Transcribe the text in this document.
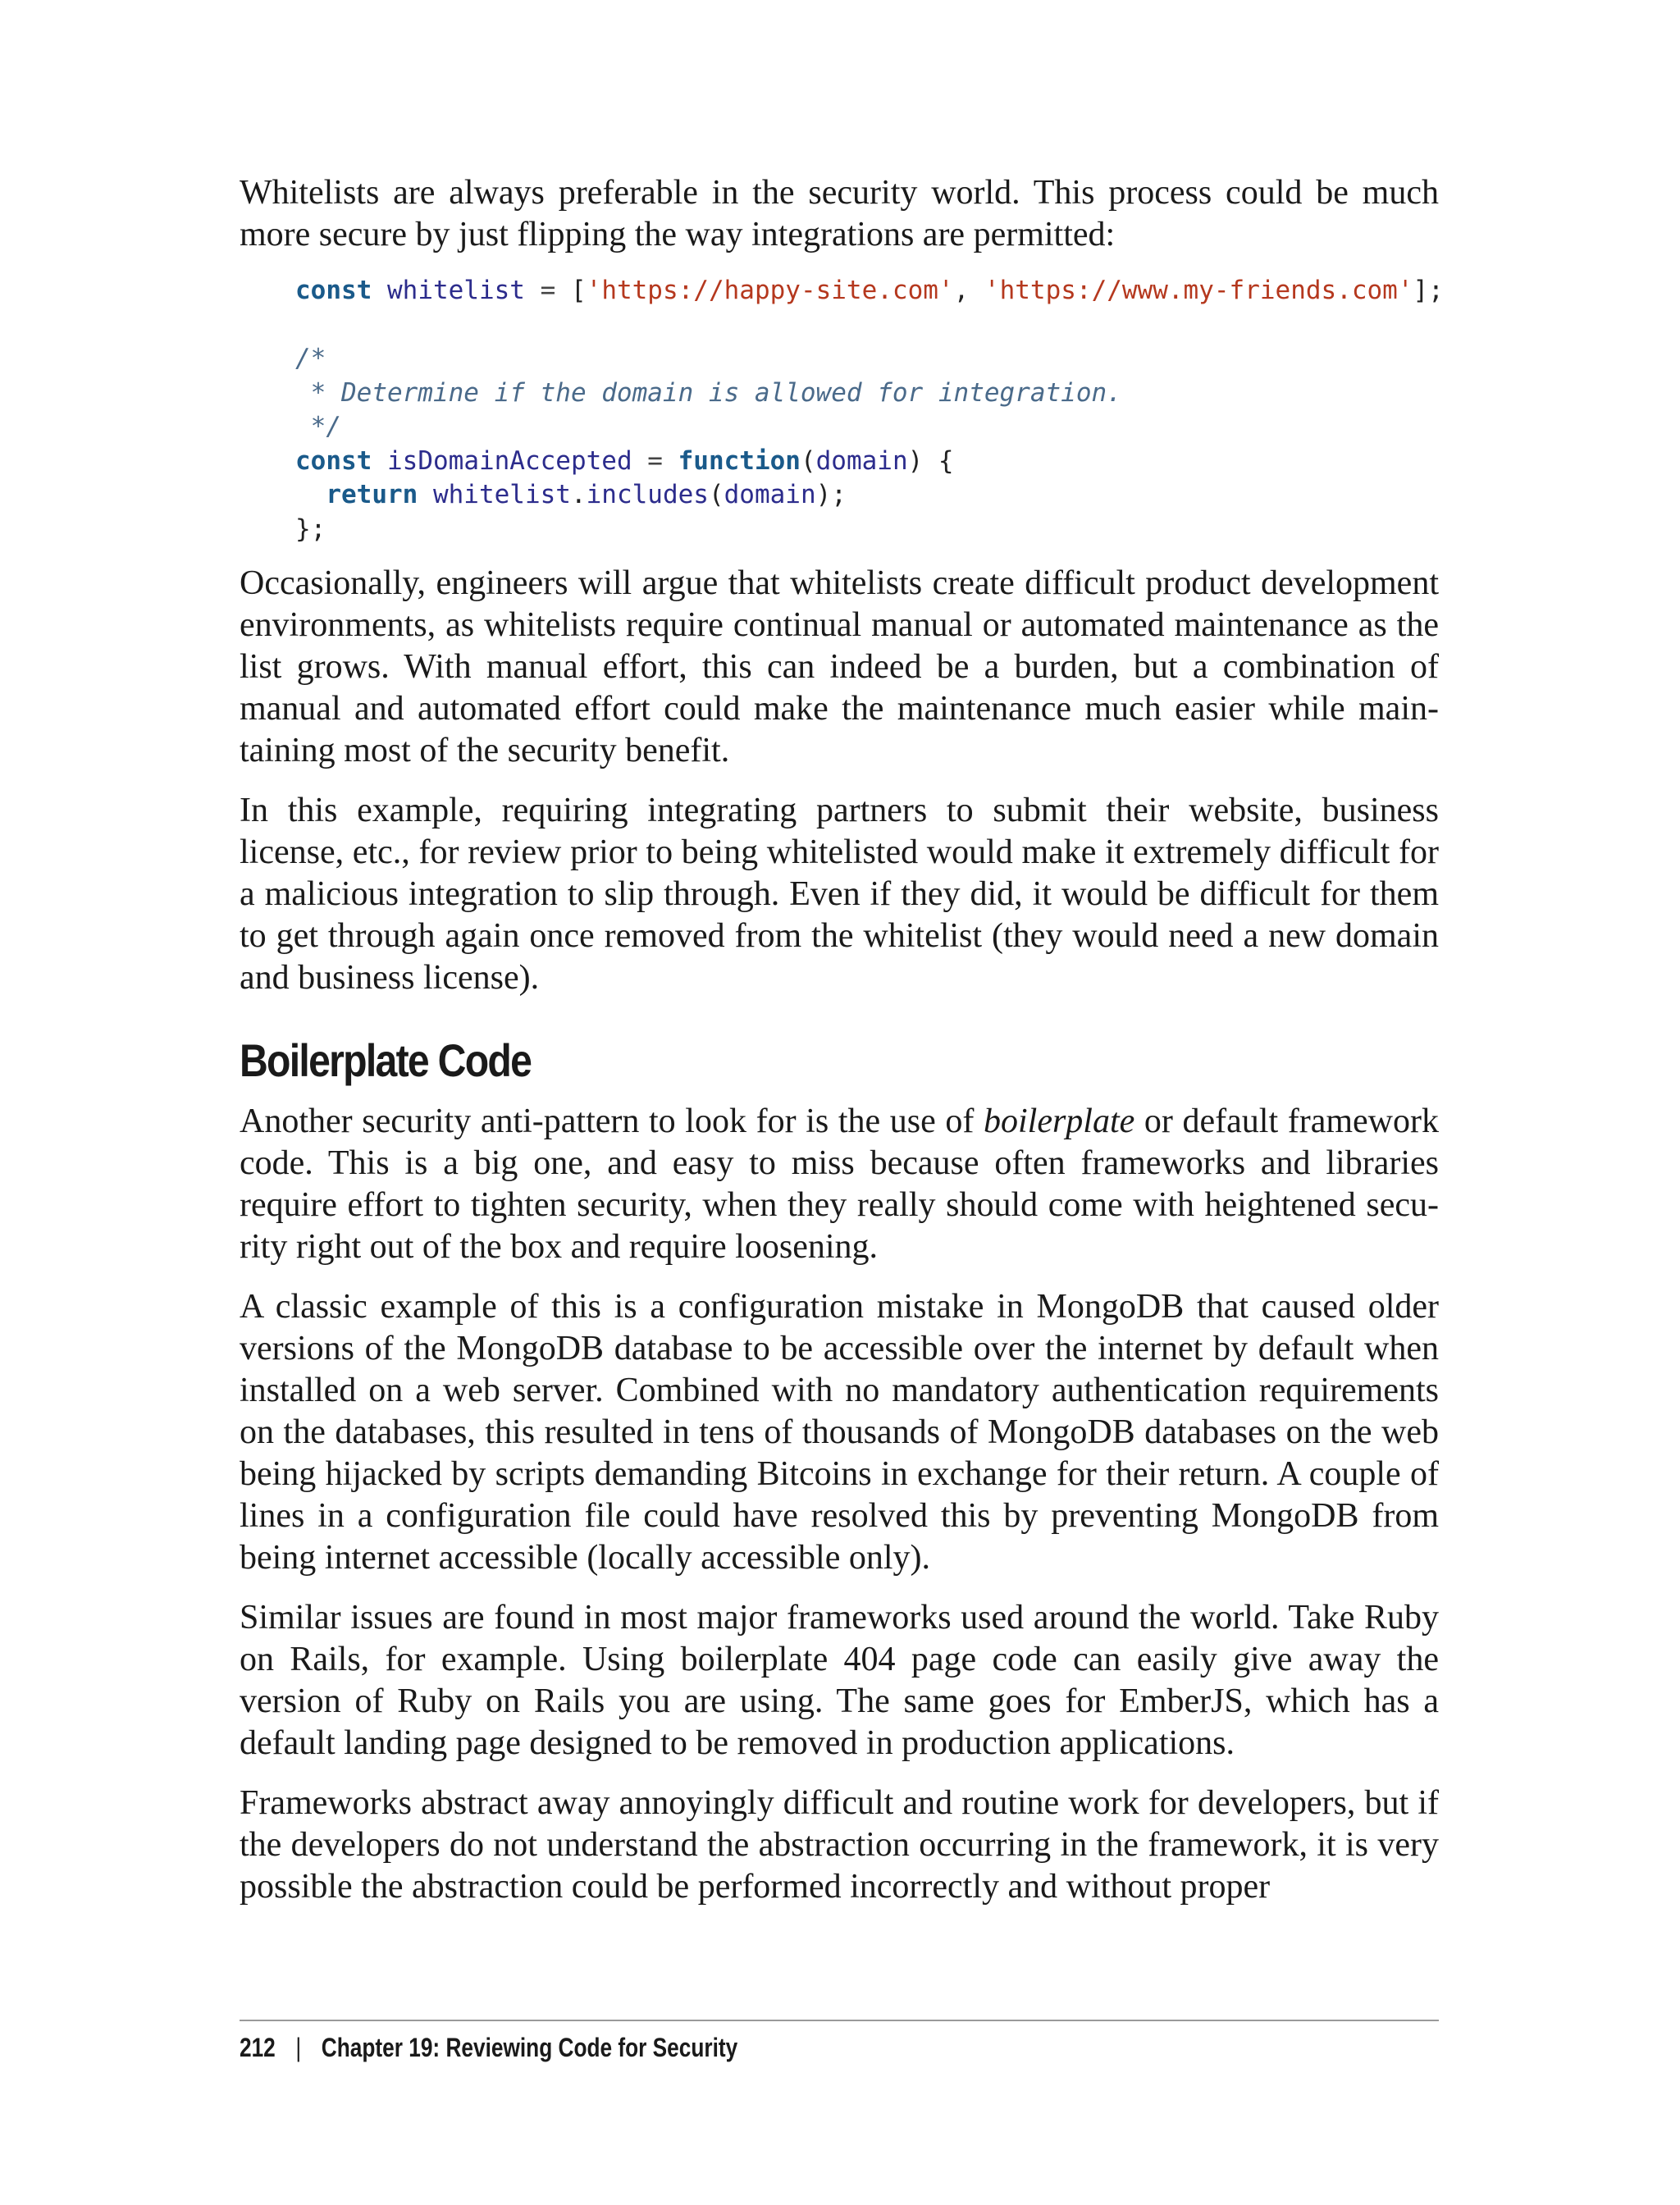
Whitelists are always preferable in the security world. This process could be much more secure by just flipping the way integrations are permitted:

const whitelist = ['https://happy-site.com', 'https://www.my-friends.com'];

/*
* Determine if the domain is allowed for integration.
*/
const isDomainAccepted = function(domain) {
return whitelist.includes(domain);
};

Occasionally, engineers will argue that whitelists create difficult product development environments, as whitelists require continual manual or automated maintenance as the list grows. With manual effort, this can indeed be a burden, but a combination of manual and automated effort could make the maintenance much easier while maintaining most of the security benefit.

In this example, requiring integrating partners to submit their website, business license, etc., for review prior to being whitelisted would make it extremely difficult for a malicious integration to slip through. Even if they did, it would be difficult for them to get through again once removed from the whitelist (they would need a new domain and business license).

Boilerplate Code

Another security anti-pattern to look for is the use of boilerplate or default framework code. This is a big one, and easy to miss because often frameworks and libraries require effort to tighten security, when they really should come with heightened security right out of the box and require loosening.

A classic example of this is a configuration mistake in MongoDB that caused older versions of the MongoDB database to be accessible over the internet by default when installed on a web server. Combined with no mandatory authentication requirements on the databases, this resulted in tens of thousands of MongoDB databases on the web being hijacked by scripts demanding Bitcoins in exchange for their return. A couple of lines in a configuration file could have resolved this by preventing MongoDB from being internet accessible (locally accessible only).

Similar issues are found in most major frameworks used around the world. Take Ruby on Rails, for example. Using boilerplate 404 page code can easily give away the version of Ruby on Rails you are using. The same goes for EmberJS, which has a default landing page designed to be removed in production applications.

Frameworks abstract away annoyingly difficult and routine work for developers, but if the developers do not understand the abstraction occurring in the framework, it is very possible the abstraction could be performed incorrectly and without proper

212 | Chapter 19: Reviewing Code for Security
